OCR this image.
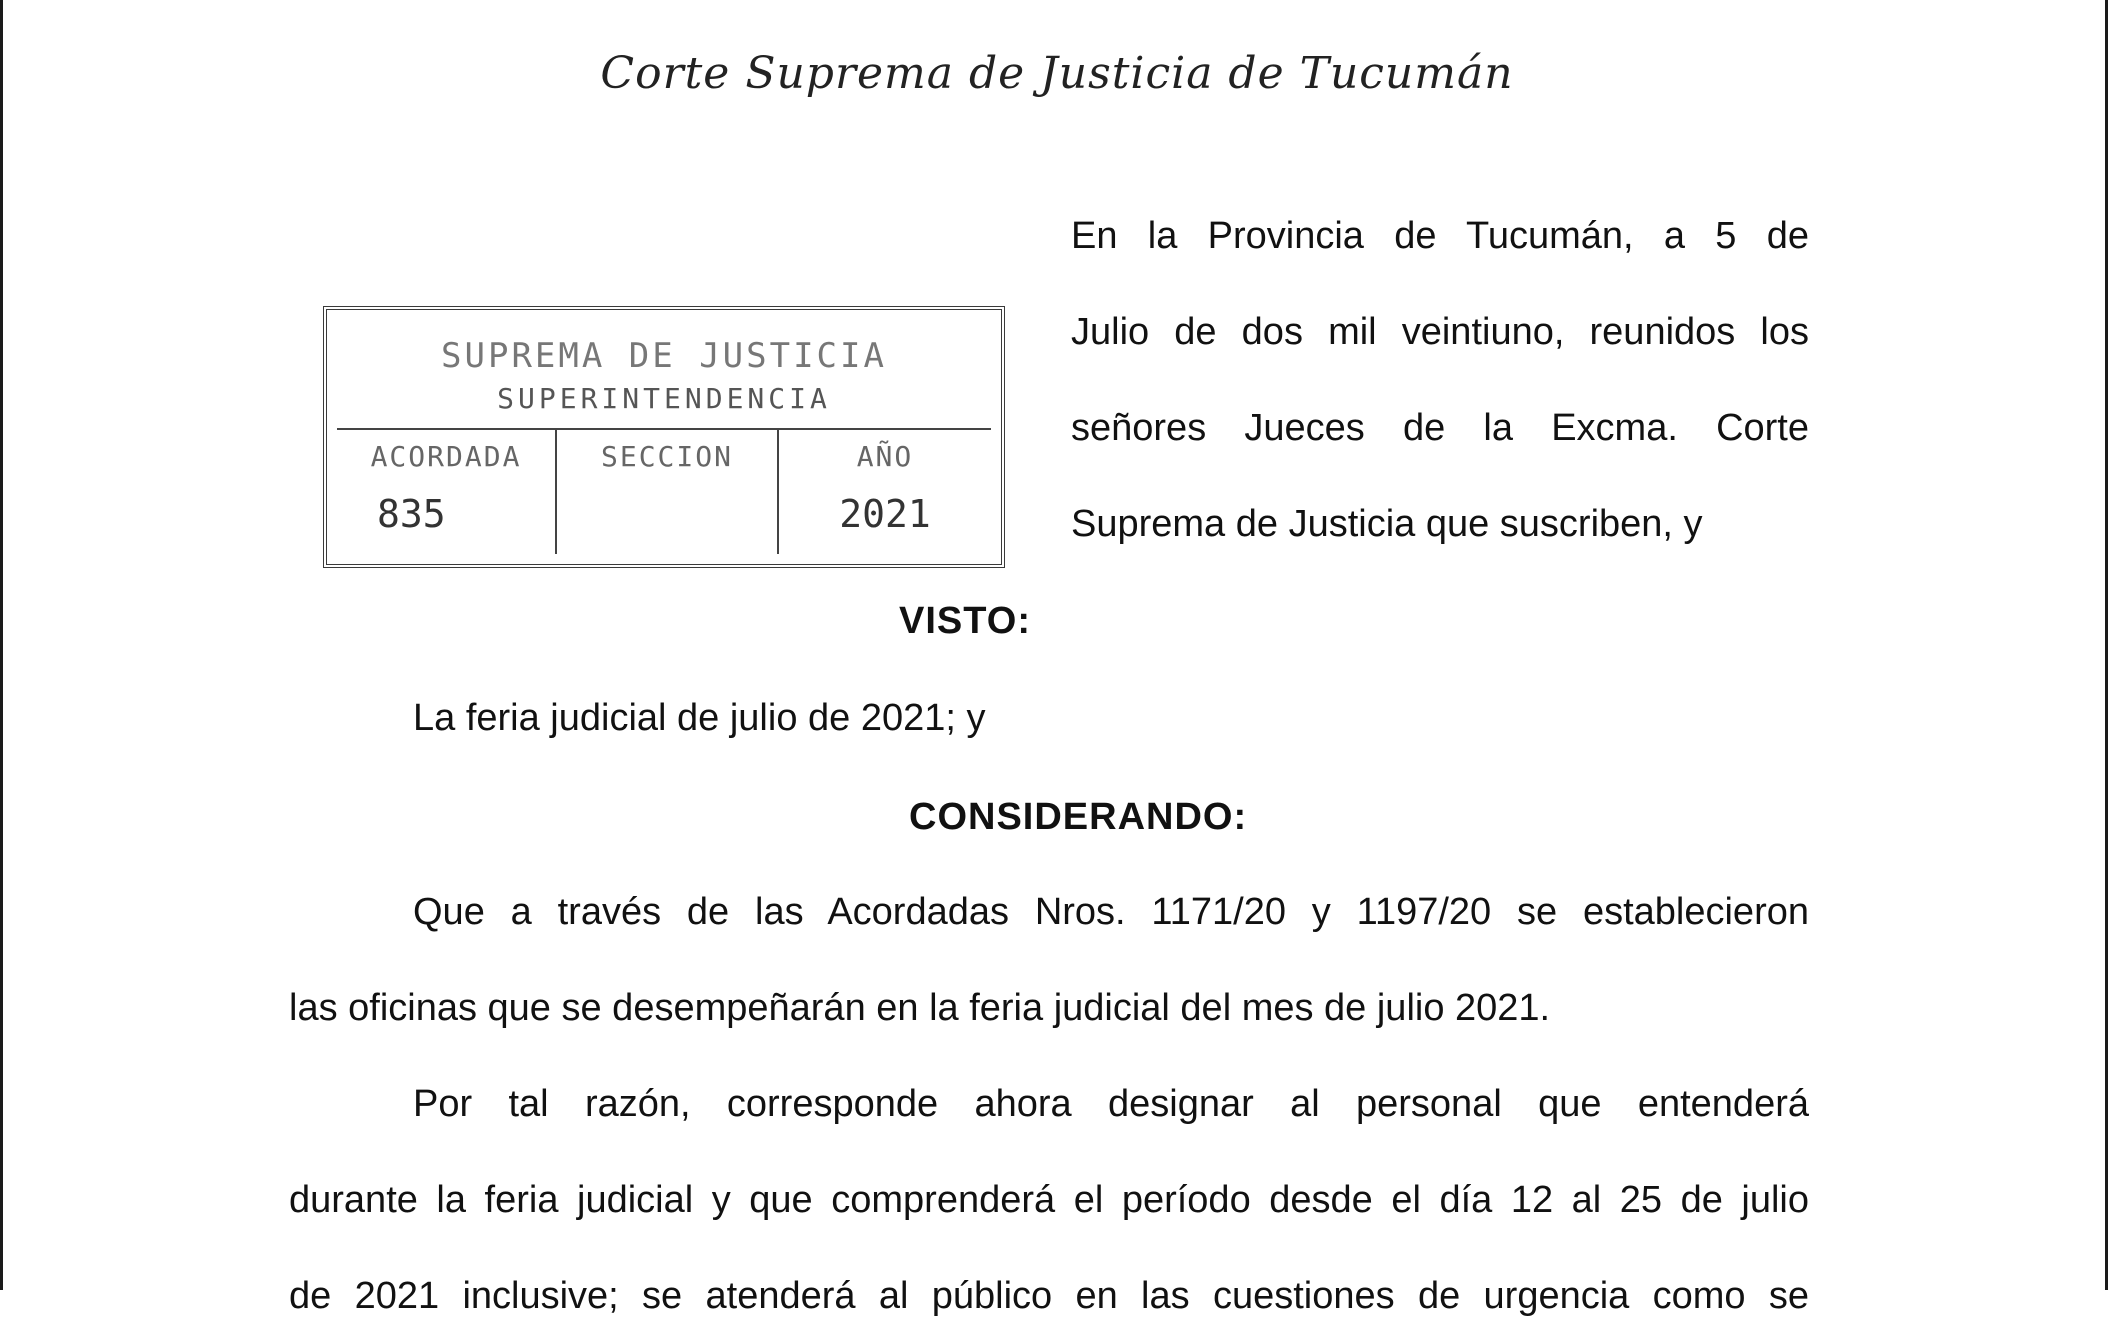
Corte Suprema de Justicia de Tucumán
SUPREMA DE JUSTICIA
SUPERINTENDENCIA
ACORDADA
835
SECCION	AÑO
2021
En la Provincia de Tucumán, a 5 de
Julio de dos mil veintiuno, reunidos los
señores Jueces de la Excma. Corte
Suprema de Justicia que suscriben, y
VISTO:
La feria judicial de julio de 2021; y
CONSIDERANDO:
Que a través de las Acordadas Nros. 1171/20 y 1197/20 se establecieron
las oficinas que se desempeñarán en la feria judicial del mes de julio 2021.
Por tal razón, corresponde ahora designar al personal que entenderá
durante la feria judicial y que comprenderá el período desde el día 12 al 25 de julio
de 2021 inclusive; se atenderá al público en las cuestiones de urgencia como se
